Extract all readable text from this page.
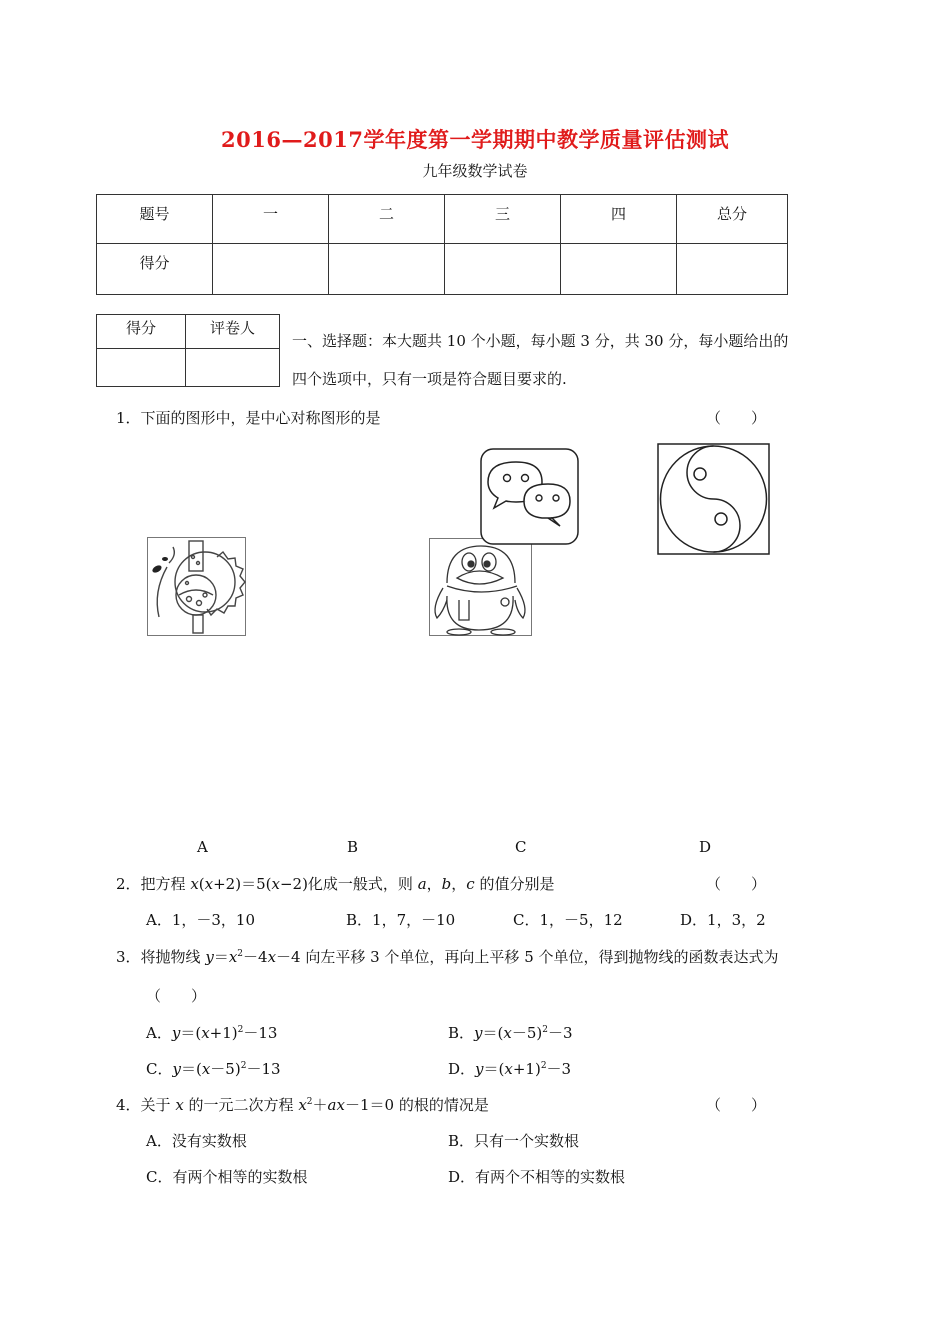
2016—2017学年度第一学期期中教学质量评估测试
九年级数学试卷
题号	一	二	三	四	总分
得分					
得分	评卷人

一、选择题：本大题共 10 个小题，每小题 3 分，共 30 分，每小题给出的
四个选项中，只有一项是符合题目要求的.
1．下面的图形中，是中心对称图形的是	（　　）
A	B	C	D
2．把方程 x(x+2)＝5(x−2)化成一般式，则 a，b，c 的值分别是	（　　）
A．1，－3，10	B．1，7，－10	C．1，－5，12	D．1，3，2
3．将抛物线 $y=x^2-4x-4$ 向左平移 3 个单位，再向上平移 5 个单位，得到抛物线的函数表达式为
（　　）
A．$y=(x+1)^2-13$	B．$y=(x-5)^2-3$
C．$y=(x-5)^2-13$	D．$y=(x+1)^2-3$
4．关于 x 的一元二次方程 $x^2+ax-1=0$ 的根的情况是	（　　）
A．没有实数根	B．只有一个实数根
C．有两个相等的实数根	D．有两个不相等的实数根
